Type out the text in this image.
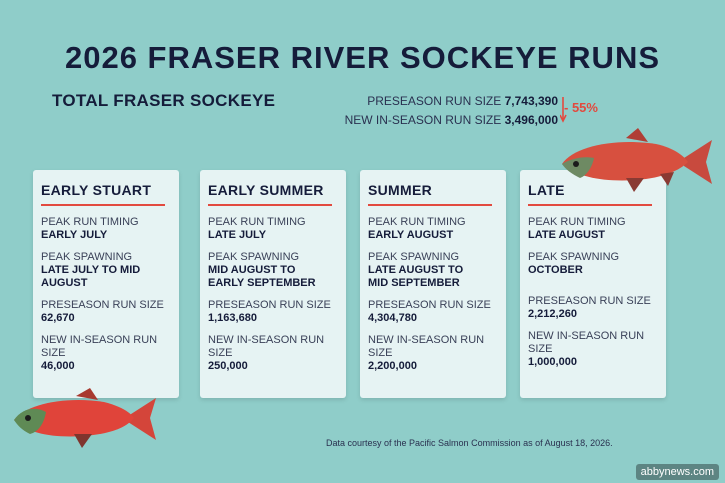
2026 FRASER RIVER SOCKEYE RUNS
TOTAL FRASER SOCKEYE	PRESEASON RUN SIZE 7,743,390
NEW IN-SEASON RUN SIZE 3,496,000
- 55%
EARLY STUART
PEAK RUN TIMING
EARLY JULY
PEAK SPAWNING
LATE JULY TO MID AUGUST
PRESEASON RUN SIZE
62,670
NEW IN-SEASON RUN SIZE
46,000
EARLY SUMMER
PEAK RUN TIMING
LATE JULY
PEAK SPAWNING
MID AUGUST TO EARLY SEPTEMBER
PRESEASON RUN SIZE
1,163,680
NEW IN-SEASON RUN SIZE
250,000
SUMMER
PEAK RUN TIMING
EARLY AUGUST
PEAK SPAWNING
LATE AUGUST TO MID SEPTEMBER
PRESEASON RUN SIZE
4,304,780
NEW IN-SEASON RUN SIZE
2,200,000
LATE
PEAK RUN TIMING
LATE AUGUST
PEAK SPAWNING
OCTOBER
PRESEASON RUN SIZE
2,212,260
NEW IN-SEASON RUN SIZE
1,000,000
Data courtesy of the Pacific Salmon Commission as of August 18, 2026.
abbynews.com
